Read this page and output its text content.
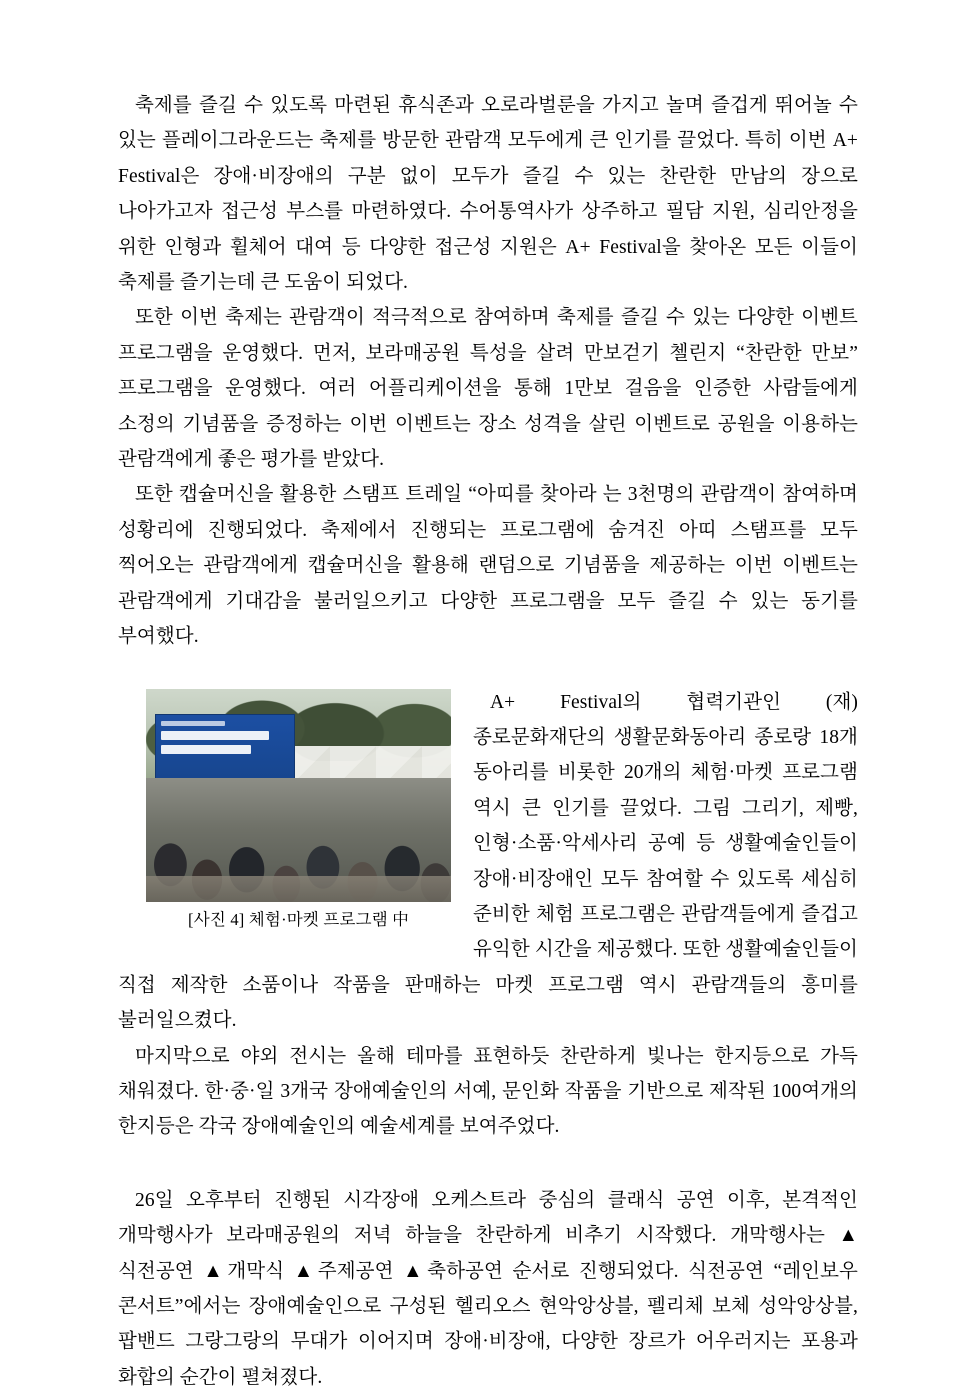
축제를 즐길 수 있도록 마련된 휴식존과 오로라벌룬을 가지고 놀며 즐겁게 뛰어놀 수 있는 플레이그라운드는 축제를 방문한 관람객 모두에게 큰 인기를 끌었다. 특히 이번 A+ Festival은 장애·비장애의 구분 없이 모두가 즐길 수 있는 찬란한 만남의 장으로 나아가고자 접근성 부스를 마련하였다. 수어통역사가 상주하고 필담 지원, 심리안정을 위한 인형과 휠체어 대여 등 다양한 접근성 지원은 A+ Festival을 찾아온 모든 이들이 축제를 즐기는데 큰 도움이 되었다.

또한 이번 축제는 관람객이 적극적으로 참여하며 축제를 즐길 수 있는 다양한 이벤트 프로그램을 운영했다. 먼저, 보라매공원 특성을 살려 만보걷기 첼린지 “찬란한 만보” 프로그램을 운영했다. 여러 어플리케이션을 통해 1만보 걸음을 인증한 사람들에게 소정의 기념품을 증정하는 이번 이벤트는 장소 성격을 살린 이벤트로 공원을 이용하는 관람객에게 좋은 평가를 받았다.

또한 캡슐머신을 활용한 스탬프 트레일 “아띠를 찾아라 는 3천명의 관람객이 참여하며 성황리에 진행되었다. 축제에서 진행되는 프로그램에 숨겨진 아띠 스탬프를 모두 찍어오는 관람객에게 캡슐머신을 활용해 랜덤으로 기념품을 제공하는 이번 이벤트는 관람객에게 기대감을 불러일으키고 다양한 프로그램을 모두 즐길 수 있는 동기를 부여했다.

[사진 4] 체험·마켓 프로그램 中

A+ Festival의 협력기관인 (재)종로문화재단의 생활문화동아리 종로랑 18개 동아리를 비롯한 20개의 체험·마켓 프로그램 역시 큰 인기를 끌었다. 그림 그리기, 제빵, 인형·소품·악세사리 공예 등 생활예술인들이 장애·비장애인 모두 참여할 수 있도록 세심히 준비한 체험 프로그램은 관람객들에게 즐겁고 유익한 시간을 제공했다. 또한 생활예술인들이 직접 제작한 소품이나 작품을 판매하는 마켓 프로그램 역시 관람객들의 흥미를 불러일으켰다.

마지막으로 야외 전시는 올해 테마를 표현하듯 찬란하게 빛나는 한지등으로 가득 채워졌다. 한·중·일 3개국 장애예술인의 서예, 문인화 작품을 기반으로 제작된 100여개의 한지등은 각국 장애예술인의 예술세계를 보여주었다.

26일 오후부터 진행된 시각장애 오케스트라 중심의 클래식 공연 이후, 본격적인 개막행사가 보라매공원의 저녁 하늘을 찬란하게 비추기 시작했다. 개막행사는 ▲식전공연 ▲개막식 ▲주제공연 ▲축하공연 순서로 진행되었다. 식전공연 “레인보우 콘서트”에서는 장애예술인으로 구성된 헬리오스 현악앙상블, 펠리체 보체 성악앙상블, 팝밴드 그랑그랑의 무대가 이어지며 장애·비장애, 다양한 장르가 어우러지는 포용과 화합의 순간이 펼쳐졌다.
